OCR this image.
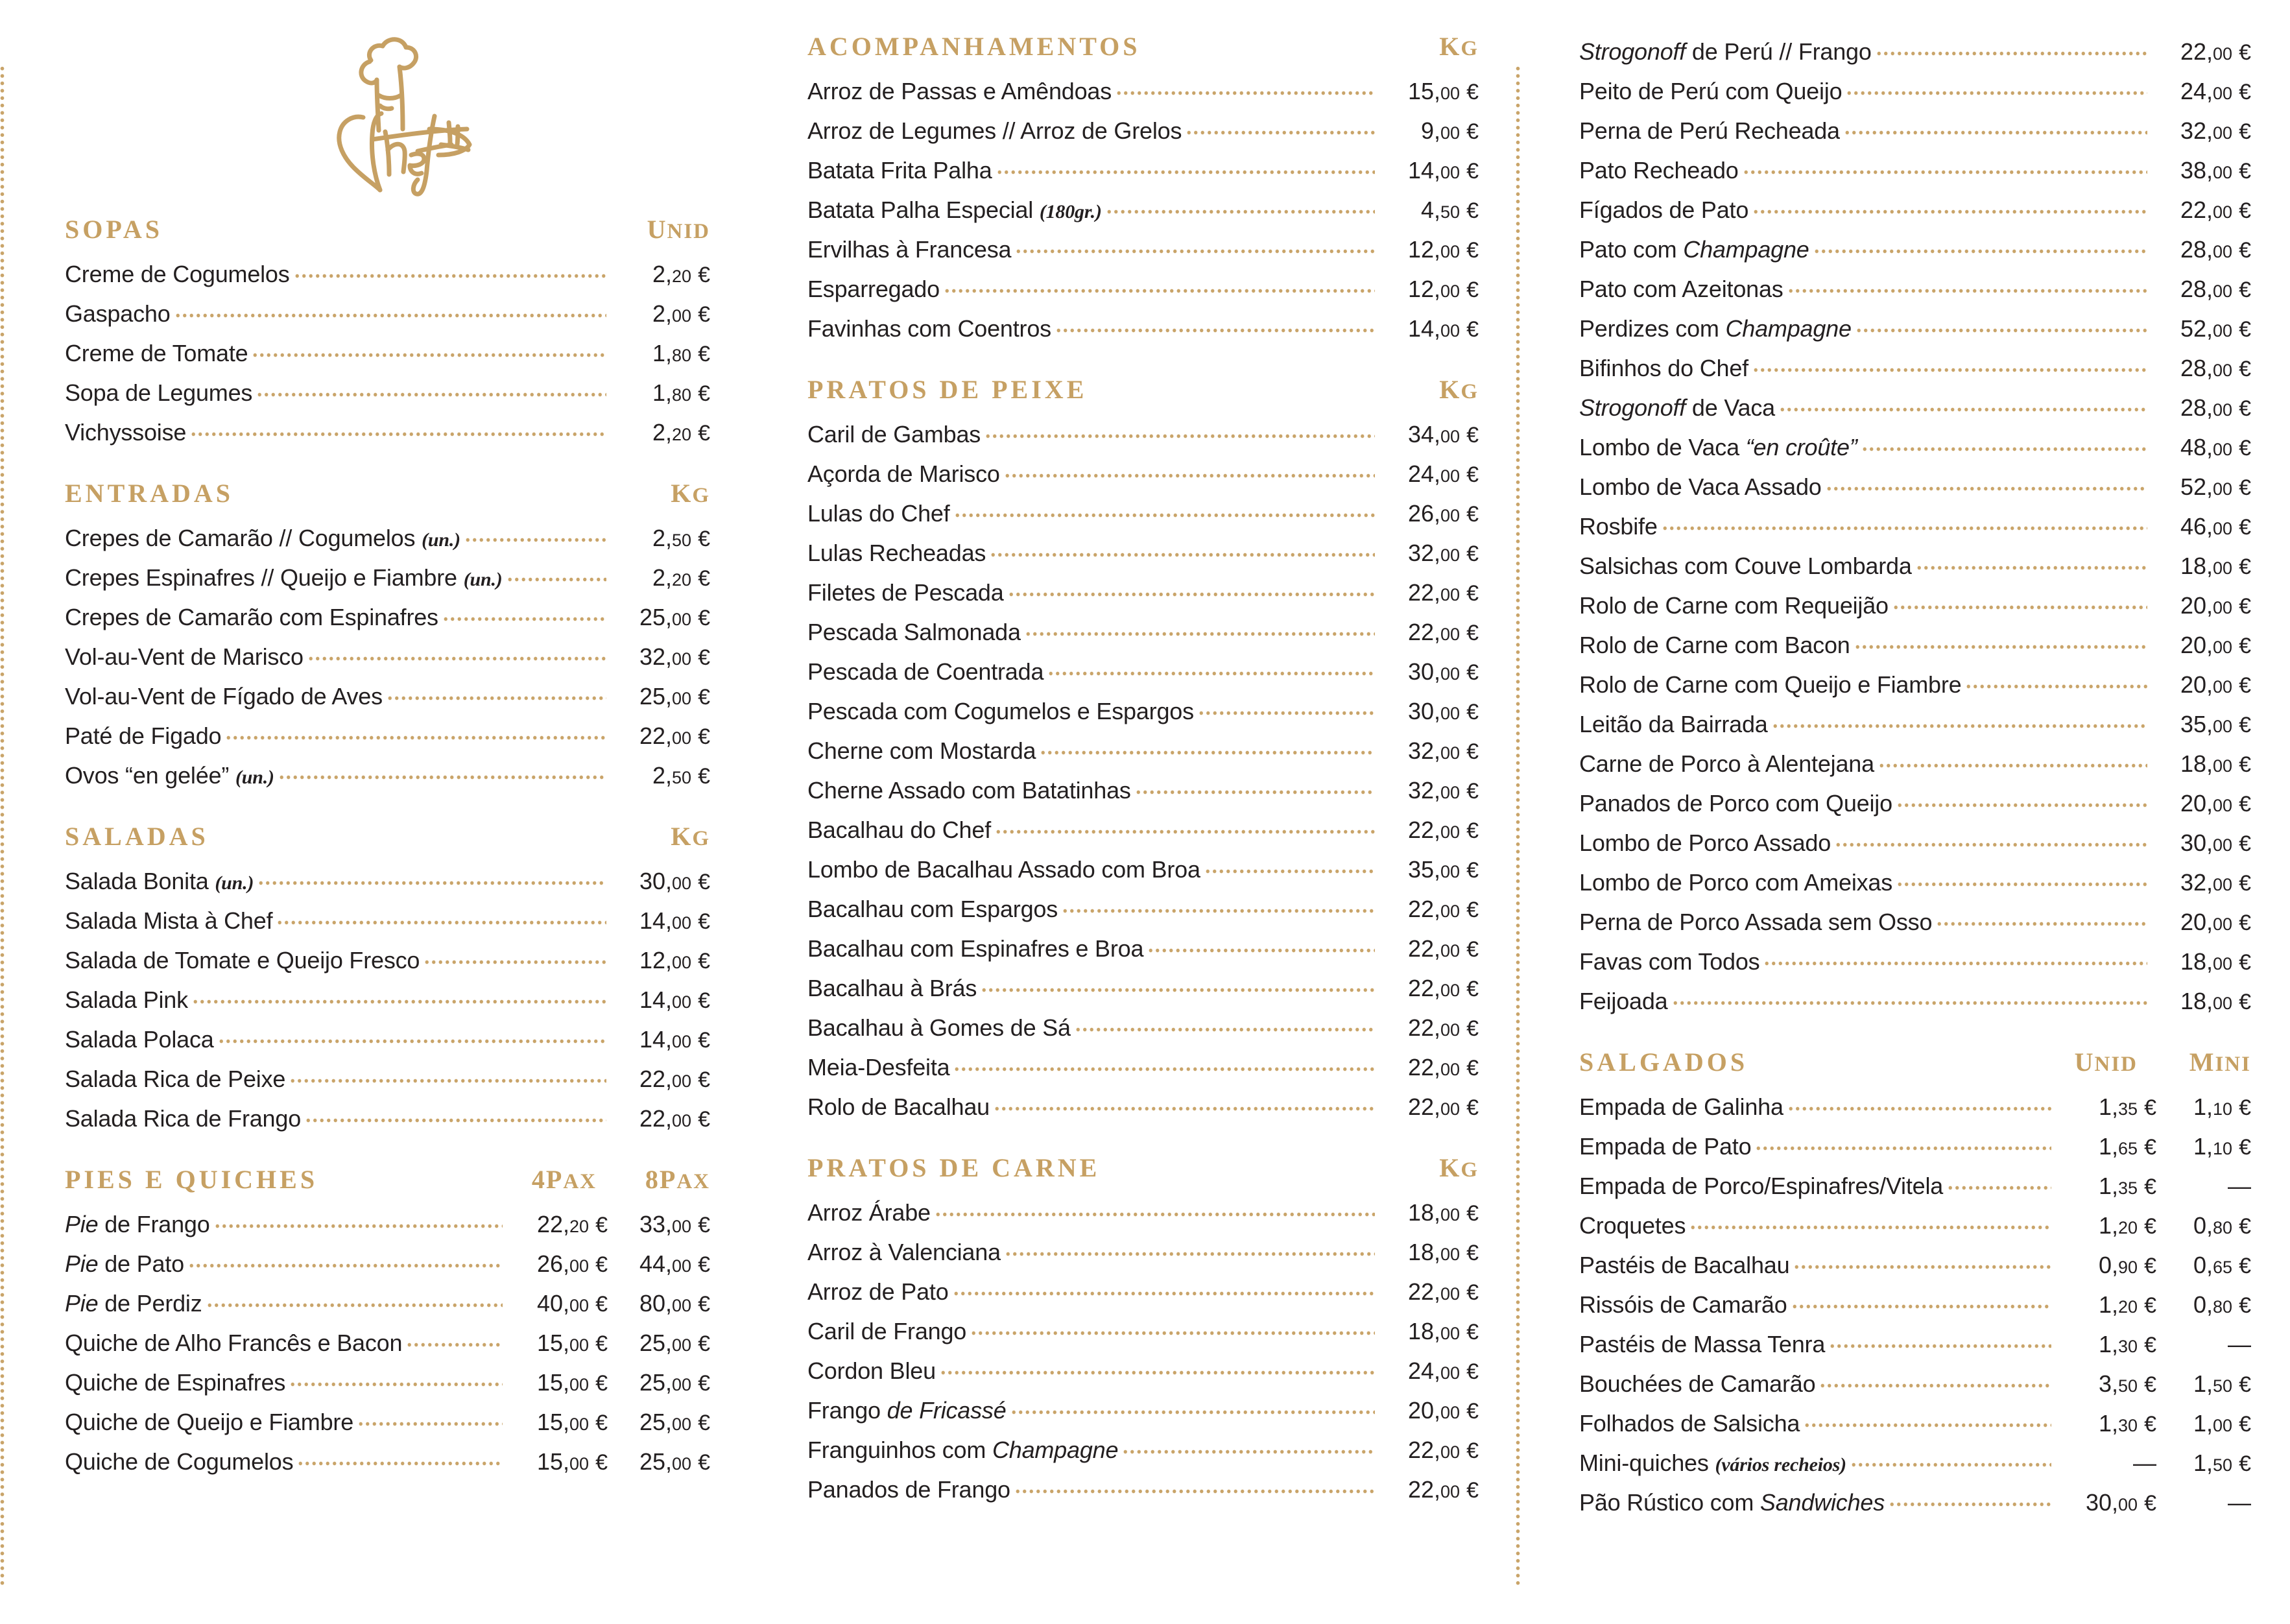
SOPAS	UNID
Creme de Cogumelos	2,20 €
Gaspacho	2,00 €
Creme de Tomate	1,80 €
Sopa de Legumes	1,80 €
Vichyssoise	2,20 €
ENTRADAS	KG
Crepes de Camarão // Cogumelos (un.)	2,50 €
Crepes Espinafres // Queijo e Fiambre (un.)	2,20 €
Crepes de Camarão com Espinafres	25,00 €
Vol-au-Vent de Marisco	32,00 €
Vol-au-Vent de Fígado de Aves	25,00 €
Paté de Figado	22,00 €
Ovos “en gelée” (un.)	2,50 €
SALADAS	KG
Salada Bonita (un.)	30,00 €
Salada Mista à Chef	14,00 €
Salada de Tomate e Queijo Fresco	12,00 €
Salada Pink	14,00 €
Salada Polaca	14,00 €
Salada Rica de Peixe	22,00 €
Salada Rica de Frango	22,00 €
PIES E QUICHES	4PAX	8PAX
Pie de Frango	22,20 €	33,00 €
Pie de Pato	26,00 €	44,00 €
Pie de Perdiz	40,00 €	80,00 €
Quiche de Alho Francês e Bacon	15,00 €	25,00 €
Quiche de Espinafres	15,00 €	25,00 €
Quiche de Queijo e Fiambre	15,00 €	25,00 €
Quiche de Cogumelos	15,00 €	25,00 €
ACOMPANHAMENTOS	KG
Arroz de Passas e Amêndoas	15,00 €
Arroz de Legumes // Arroz de Grelos	9,00 €
Batata Frita Palha	14,00 €
Batata Palha Especial (180gr.)	4,50 €
Ervilhas à Francesa	12,00 €
Esparregado	12,00 €
Favinhas com Coentros	14,00 €
PRATOS DE PEIXE	KG
Caril de Gambas	34,00 €
Açorda de Marisco	24,00 €
Lulas do Chef	26,00 €
Lulas Recheadas	32,00 €
Filetes de Pescada	22,00 €
Pescada Salmonada	22,00 €
Pescada de Coentrada	30,00 €
Pescada com Cogumelos e Espargos	30,00 €
Cherne com Mostarda	32,00 €
Cherne Assado com Batatinhas	32,00 €
Bacalhau do Chef	22,00 €
Lombo de Bacalhau Assado com Broa	35,00 €
Bacalhau com Espargos	22,00 €
Bacalhau com Espinafres e Broa	22,00 €
Bacalhau à Brás	22,00 €
Bacalhau à Gomes de Sá	22,00 €
Meia-Desfeita	22,00 €
Rolo de Bacalhau	22,00 €
PRATOS DE CARNE	KG
Arroz Árabe	18,00 €
Arroz à Valenciana	18,00 €
Arroz de Pato	22,00 €
Caril de Frango	18,00 €
Cordon Bleu	24,00 €
Frango de Fricassé	20,00 €
Franguinhos com Champagne	22,00 €
Panados de Frango	22,00 €
Strogonoff de Perú // Frango	22,00 €
Peito de Perú com Queijo	24,00 €
Perna de Perú Recheada	32,00 €
Pato Recheado	38,00 €
Fígados de Pato	22,00 €
Pato com Champagne	28,00 €
Pato com Azeitonas	28,00 €
Perdizes com Champagne	52,00 €
Bifinhos do Chef	28,00 €
Strogonoff de Vaca	28,00 €
Lombo de Vaca “en croûte”	48,00 €
Lombo de Vaca Assado	52,00 €
Rosbife	46,00 €
Salsichas com Couve Lombarda	18,00 €
Rolo de Carne com Requeijão	20,00 €
Rolo de Carne com Bacon	20,00 €
Rolo de Carne com Queijo e Fiambre	20,00 €
Leitão da Bairrada	35,00 €
Carne de Porco à Alentejana	18,00 €
Panados de Porco com Queijo	20,00 €
Lombo de Porco Assado	30,00 €
Lombo de Porco com Ameixas	32,00 €
Perna de Porco Assada sem Osso	20,00 €
Favas com Todos	18,00 €
Feijoada	18,00 €
SALGADOS	UNID	MINI
Empada de Galinha	1,35 €	1,10 €
Empada de Pato	1,65 €	1,10 €
Empada de Porco/Espinafres/Vitela	1,35 €	—
Croquetes	1,20 €	0,80 €
Pastéis de Bacalhau	0,90 €	0,65 €
Rissóis de Camarão	1,20 €	0,80 €
Pastéis de Massa Tenra	1,30 €	—
Bouchées de Camarão	3,50 €	1,50 €
Folhados de Salsicha	1,30 €	1,00 €
Mini-quiches (vários recheios)	—	1,50 €
Pão Rústico com Sandwiches	30,00 €	—
